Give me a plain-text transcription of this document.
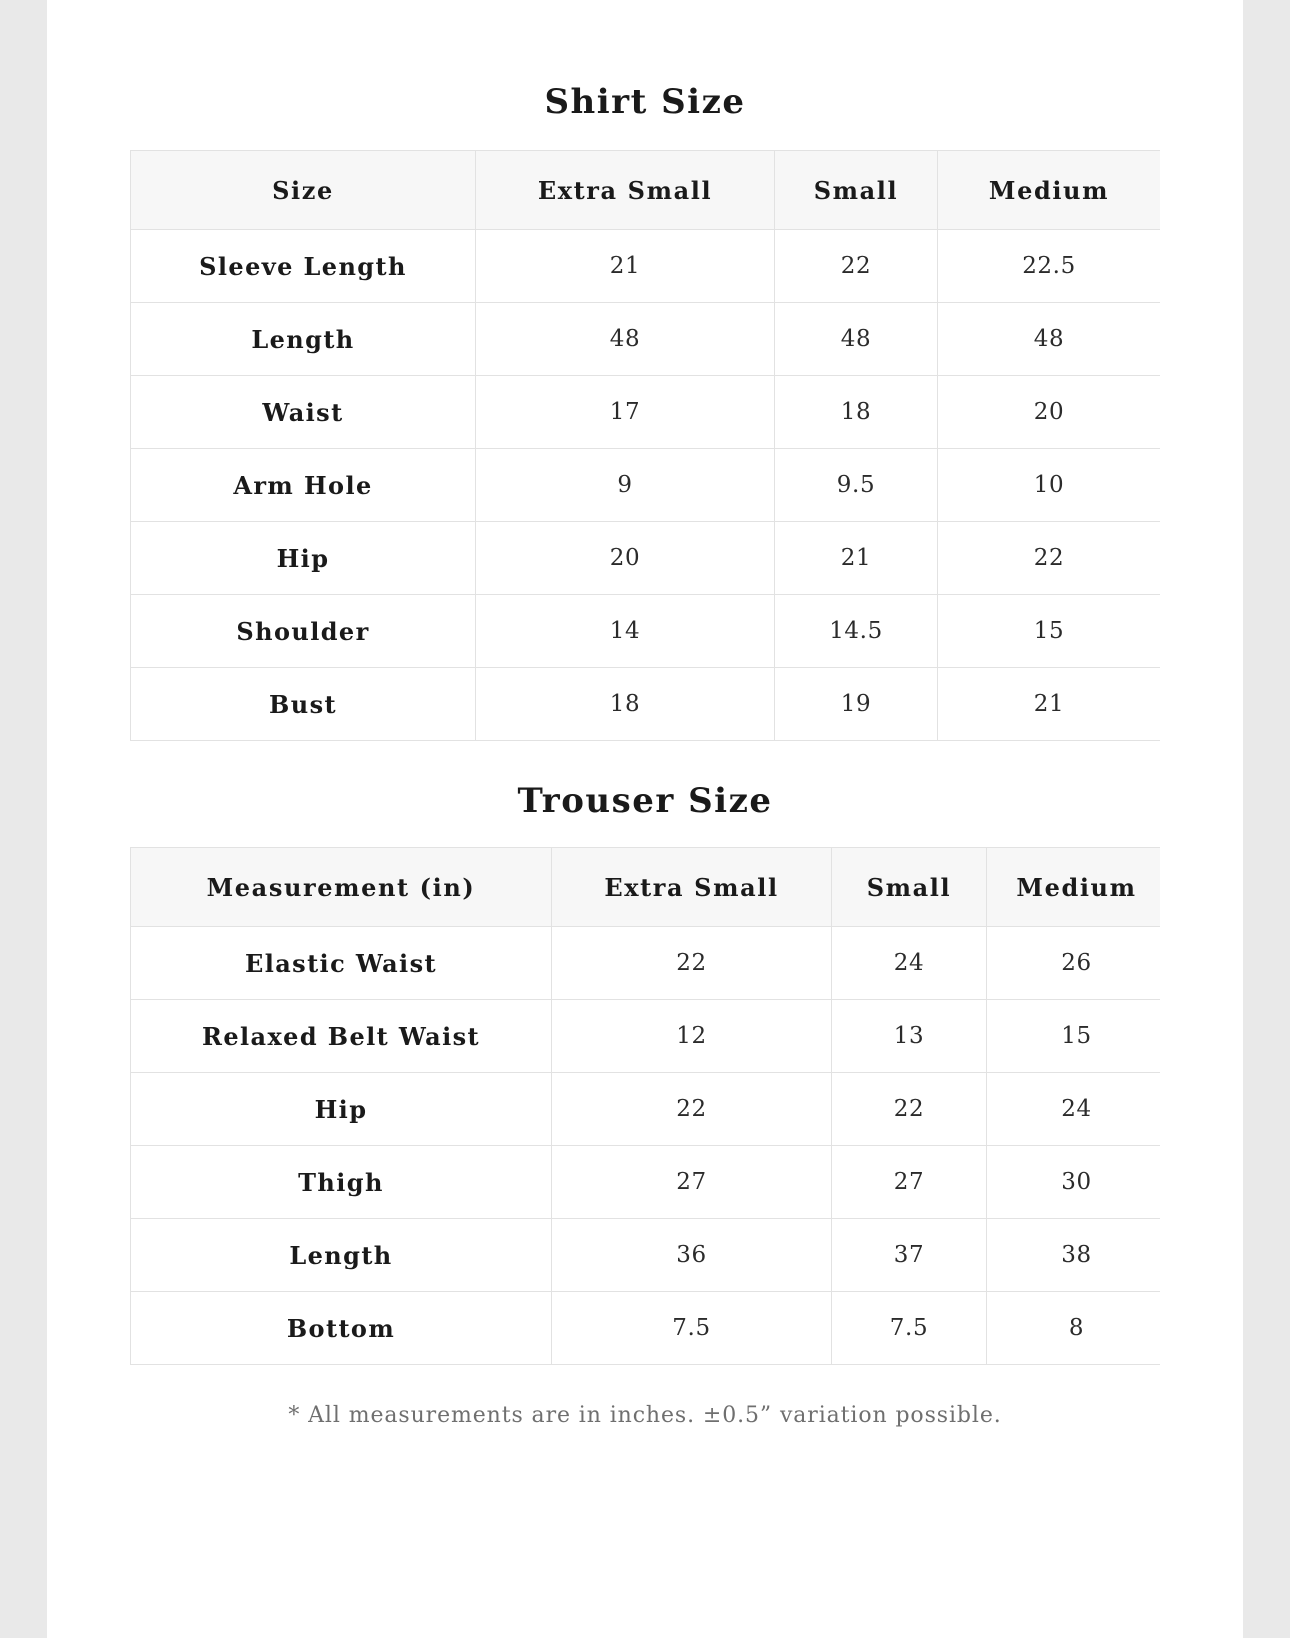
Shirt Size
Size	Extra Small	Small	Medium
Sleeve Length	21	22	22.5
Length	48	48	48
Waist	17	18	20
Arm Hole	9	9.5	10
Hip	20	21	22
Shoulder	14	14.5	15
Bust	18	19	21
Trouser Size
Measurement (in)	Extra Small	Small	Medium
Elastic Waist	22	24	26
Relaxed Belt Waist	12	13	15
Hip	22	22	24
Thigh	27	27	30
Length	36	37	38
Bottom	7.5	7.5	8
* All measurements are in inches. ±0.5” variation possible.
